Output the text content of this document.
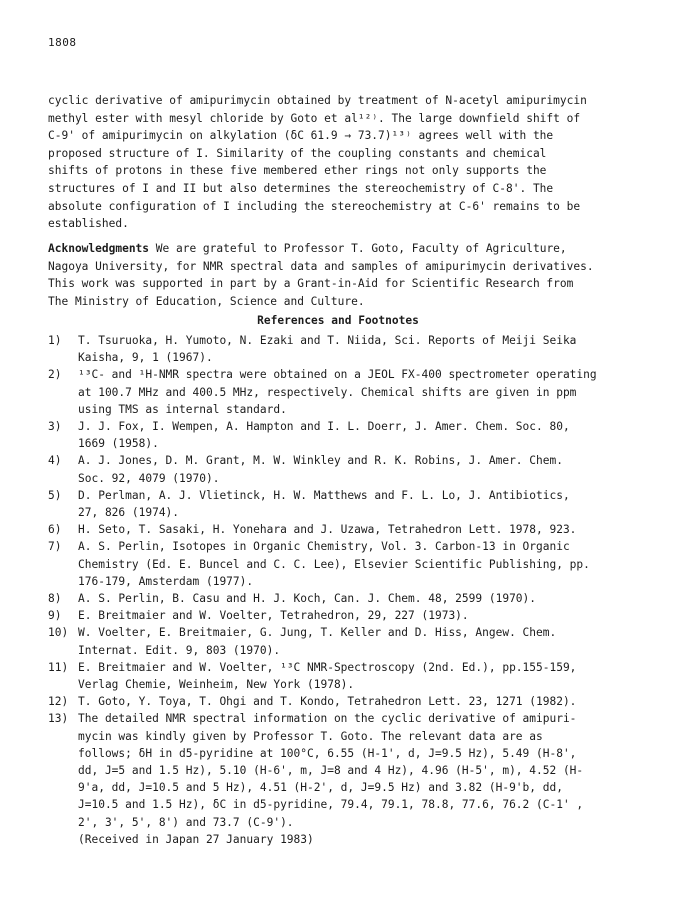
1808
cyclic derivative of amipurimycin obtained by treatment of N-acetyl amipurimycin
methyl ester with mesyl chloride by Goto et al¹²⁾. The large downfield shift of
C-9' of amipurimycin on alkylation (δC 61.9 → 73.7)¹³⁾ agrees well with the
proposed structure of I. Similarity of the coupling constants and chemical
shifts of protons in these five membered ether rings not only supports the
structures of I and II but also determines the stereochemistry of C-8'. The
absolute configuration of I including the stereochemistry at C-6' remains to be
established.
Acknowledgments We are grateful to Professor T. Goto, Faculty of Agriculture,
Nagoya University, for NMR spectral data and samples of amipurimycin derivatives.
This work was supported in part by a Grant-in-Aid for Scientific Research from
The Ministry of Education, Science and Culture.
References and Footnotes
1)	T. Tsuruoka, H. Yumoto, N. Ezaki and T. Niida, Sci. Reports of Meiji Seika
Kaisha, 9, 1 (1967).
2)	¹³C- and ¹H-NMR spectra were obtained on a JEOL FX-400 spectrometer operating
at 100.7 MHz and 400.5 MHz, respectively. Chemical shifts are given in ppm
using TMS as internal standard.
3)	J. J. Fox, I. Wempen, A. Hampton and I. L. Doerr, J. Amer. Chem. Soc. 80,
1669 (1958).
4)	A. J. Jones, D. M. Grant, M. W. Winkley and R. K. Robins, J. Amer. Chem.
Soc. 92, 4079 (1970).
5)	D. Perlman, A. J. Vlietinck, H. W. Matthews and F. L. Lo, J. Antibiotics,
27, 826 (1974).
6)	H. Seto, T. Sasaki, H. Yonehara and J. Uzawa, Tetrahedron Lett. 1978, 923.
7)	A. S. Perlin, Isotopes in Organic Chemistry, Vol. 3. Carbon-13 in Organic
Chemistry (Ed. E. Buncel and C. C. Lee), Elsevier Scientific Publishing, pp.
176-179, Amsterdam (1977).
8)	A. S. Perlin, B. Casu and H. J. Koch, Can. J. Chem. 48, 2599 (1970).
9)	E. Breitmaier and W. Voelter, Tetrahedron, 29, 227 (1973).
10) W. Voelter, E. Breitmaier, G. Jung, T. Keller and D. Hiss, Angew. Chem.
Internat. Edit. 9, 803 (1970).
11) E. Breitmaier and W. Voelter, ¹³C NMR-Spectroscopy (2nd. Ed.), pp.155-159,
Verlag Chemie, Weinheim, New York (1978).
12) T. Goto, Y. Toya, T. Ohgi and T. Kondo, Tetrahedron Lett. 23, 1271 (1982).
13) The detailed NMR spectral information on the cyclic derivative of amipuri-
mycin was kindly given by Professor T. Goto. The relevant data are as
follows; δH in d5-pyridine at 100°C, 6.55 (H-1', d, J=9.5 Hz), 5.49 (H-8',
dd, J=5 and 1.5 Hz), 5.10 (H-6', m, J=8 and 4 Hz), 4.96 (H-5', m), 4.52 (H-
9'a, dd, J=10.5 and 5 Hz), 4.51 (H-2', d, J=9.5 Hz) and 3.82 (H-9'b, dd,
J=10.5 and 1.5 Hz), δC in d5-pyridine, 79.4, 79.1, 78.8, 77.6, 76.2 (C-1' ,
2', 3', 5', 8') and 73.7 (C-9').
(Received in Japan 27 January 1983)
